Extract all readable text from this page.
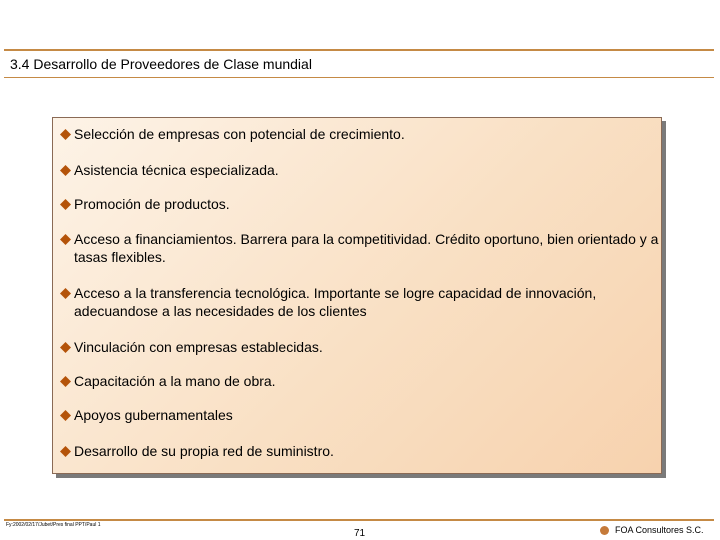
3.4 Desarrollo de Proveedores de Clase mundial
Selección de empresas con potencial de crecimiento.
Asistencia técnica especializada.
Promoción de productos.
Acceso a financiamientos. Barrera para la competitividad. Crédito oportuno, bien orientado y a tasas flexibles.
Acceso a la transferencia tecnológica. Importante se logre capacidad de innovación, adecuandose a las necesidades de los clientes
Vinculación con empresas establecidas.
Capacitación a la mano de obra.
Apoyos gubernamentales
Desarrollo de su propia red de suministro.
Fy:2002/02/17/Jubet/Pres final PPT/Paul 1
71	FOA Consultores S.C.
